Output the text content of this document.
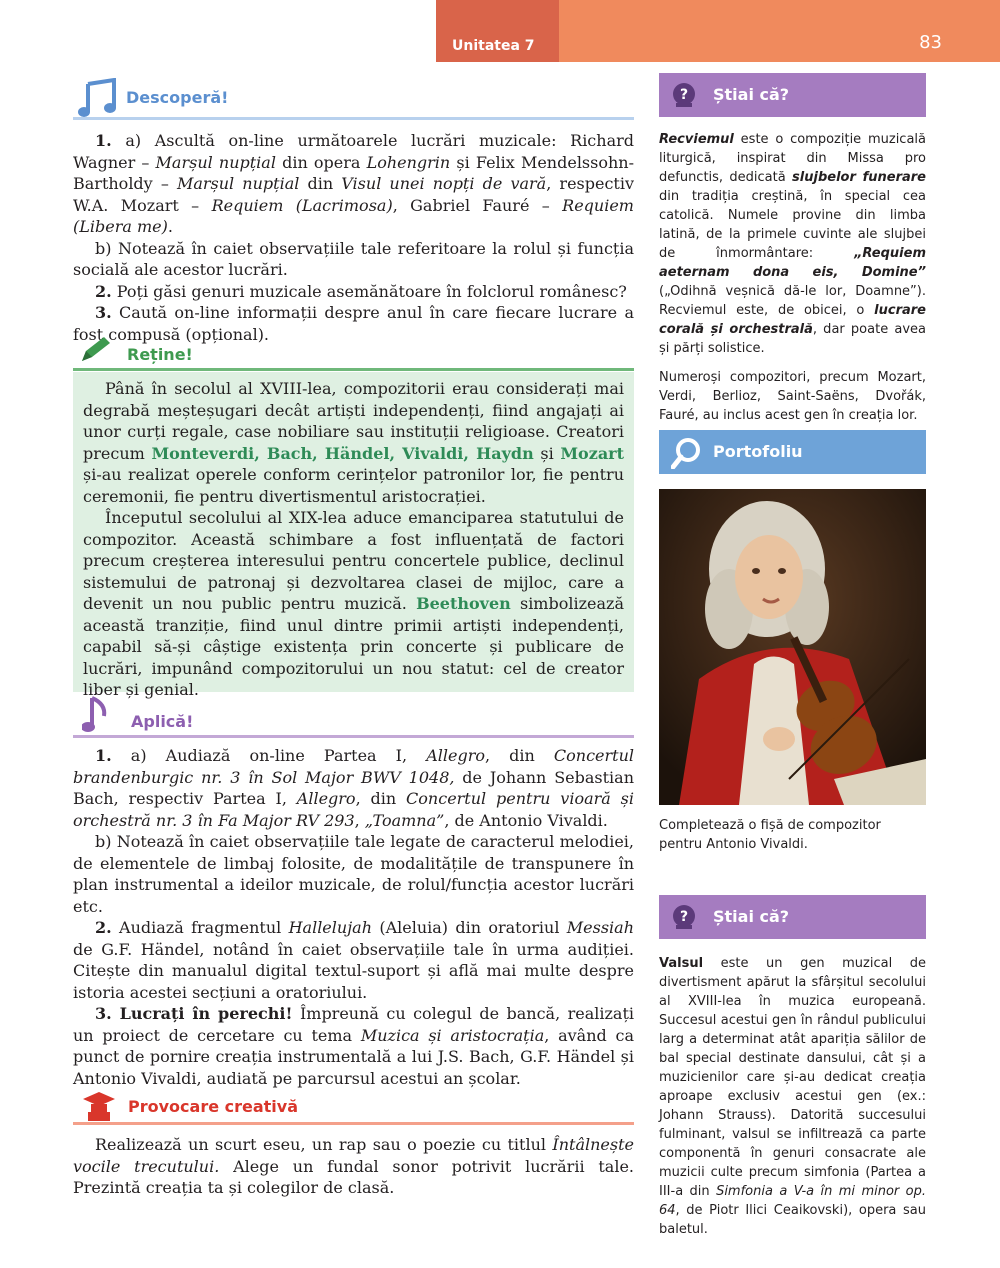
Unitatea 7	83
Descoperă!

1. a) Ascultă on-line următoarele lucrări muzicale: Richard Wagner – Marșul nupțial din opera Lohengrin și Felix Mendelssohn-Bartholdy – Marșul nupțial din Visul unei nopți de vară, respectiv W.A. Mozart – Requiem (Lacrimosa), Gabriel Fauré – Requiem (Libera me).

b) Notează în caiet observațiile tale referitoare la rolul și funcția socială ale acestor lucrări.

2. Poți găsi genuri muzicale asemănătoare în folclorul românesc?

3. Caută on-line informații despre anul în care fiecare lucrare a fost compusă (opțional).

Reține!

Până în secolul al XVIII-lea, compozitorii erau considerați mai degrabă meșteșugari decât artiști independenți, fiind angajați ai unor curți regale, case nobiliare sau instituții religioase. Creatori precum Monteverdi, Bach, Händel, Vivaldi, Haydn și Mozart și-au realizat operele conform cerințelor patronilor lor, fie pentru ceremonii, fie pentru divertismentul aristocrației.

Începutul secolului al XIX-lea aduce emanciparea statutului de compozitor. Această schimbare a fost influențată de factori precum creșterea interesului pentru concertele publice, declinul sistemului de patronaj și dezvoltarea clasei de mijloc, care a devenit un nou public pentru muzică. Beethoven simbolizează această tranziție, fiind unul dintre primii artiști independenți, capabil să-și câștige existența prin concerte și publicare de lucrări, impunând compozitorului un nou statut: cel de creator liber și genial.

Aplică!

1. a) Audiază on-line Partea I, Allegro, din Concertul brandenburgic nr. 3 în Sol Major BWV 1048, de Johann Sebastian Bach, respectiv Partea I, Allegro, din Concertul pentru vioară și orchestră nr. 3 în Fa Major RV 293, „Toamna”, de Antonio Vivaldi.

b) Notează în caiet observațiile tale legate de caracterul melodiei, de elementele de limbaj folosite, de modalitățile de transpunere în plan instrumental a ideilor muzicale, de rolul/funcția acestor lucrări etc.

2. Audiază fragmentul Hallelujah (Aleluia) din oratoriul Messiah de G.F. Händel, notând în caiet observațiile tale în urma audiției. Citește din manualul digital textul-suport și află mai multe despre istoria acestei secțiuni a oratoriului.

3. Lucrați în perechi! Împreună cu colegul de bancă, realizați un proiect de cercetare cu tema Muzica și aristocrația, având ca punct de pornire creația instrumentală a lui J.S. Bach, G.F. Händel și Antonio Vivaldi, audiată pe parcursul acestui an școlar.

Provocare creativă

Realizează un scurt eseu, un rap sau o poezie cu titlul Întâlnește vocile trecutului. Alege un fundal sonor potrivit lucrării tale. Prezintă creația ta și colegilor de clasă.

? Știai că?

Recviemul este o compoziție muzicală liturgică, inspirat din Missa pro defunctis, dedicată slujbelor funerare din tradiția creștină, în special cea catolică. Numele provine din limba latină, de la primele cuvinte ale slujbei de înmormântare: „Requiem aeternam dona eis, Domine” („Odihnă veșnică dă-le lor, Doamne”). Recviemul este, de obicei, o lucrare corală și orchestrală, dar poate avea și părți solistice.

Numeroși compozitori, precum Mozart, Verdi, Berlioz, Saint-Saëns, Dvořák, Fauré, au inclus acest gen în creația lor.

Portofoliu
Completează o fișă de compozitor pentru Antonio Vivaldi.
? Știai că?

Valsul este un gen muzical de divertisment apărut la sfârșitul secolului al XVIII-lea în muzica europeană. Succesul acestui gen în rândul publicului larg a determinat atât apariția sălilor de bal special destinate dansului, cât și a muzicienilor care și-au dedicat creația aproape exclusiv acestui gen (ex.: Johann Strauss). Datorită succesului fulminant, valsul se infiltrează ca parte componentă în genuri consacrate ale muzicii culte precum simfonia (Partea a III-a din Simfonia a V-a în mi minor op. 64, de Piotr Ilici Ceaikovski), opera sau baletul.
